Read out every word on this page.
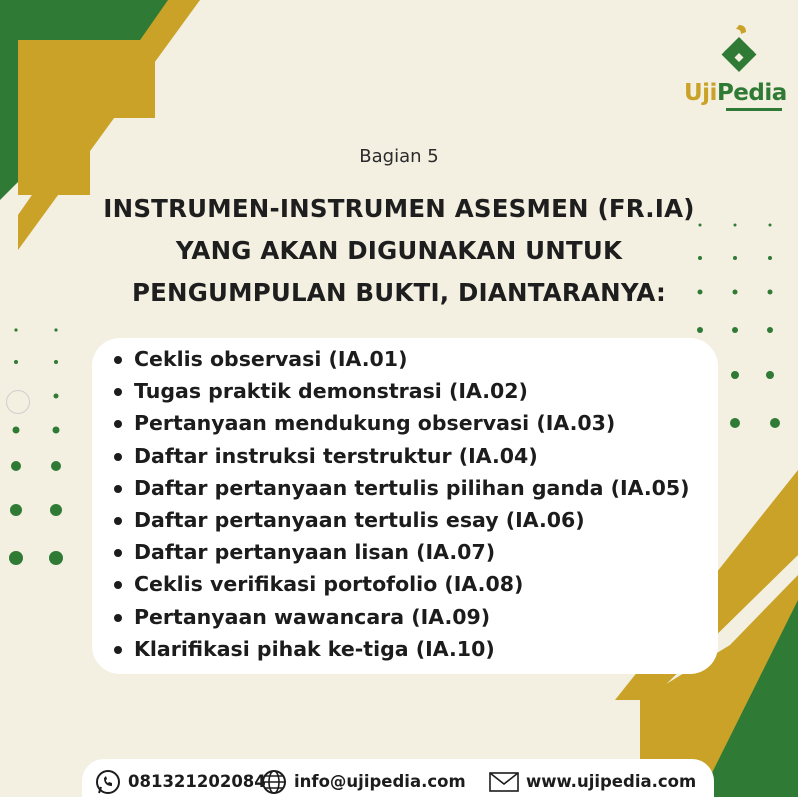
UjiPedia
Bagian 5
INSTRUMEN-INSTRUMEN ASESMEN (FR.IA)
YANG AKAN DIGUNAKAN UNTUK
PENGUMPULAN BUKTI, DIANTARANYA:
Ceklis observasi (IA.01)
Tugas praktik demonstrasi (IA.02)
Pertanyaan mendukung observasi (IA.03)
Daftar instruksi terstruktur (IA.04)
Daftar pertanyaan tertulis pilihan ganda (IA.05)
Daftar pertanyaan tertulis esay (IA.06)
Daftar pertanyaan lisan (IA.07)
Ceklis verifikasi portofolio (IA.08)
Pertanyaan wawancara (IA.09)
Klarifikasi pihak ke-tiga (IA.10)
081321202084 info@ujipedia.com	www.ujipedia.com
